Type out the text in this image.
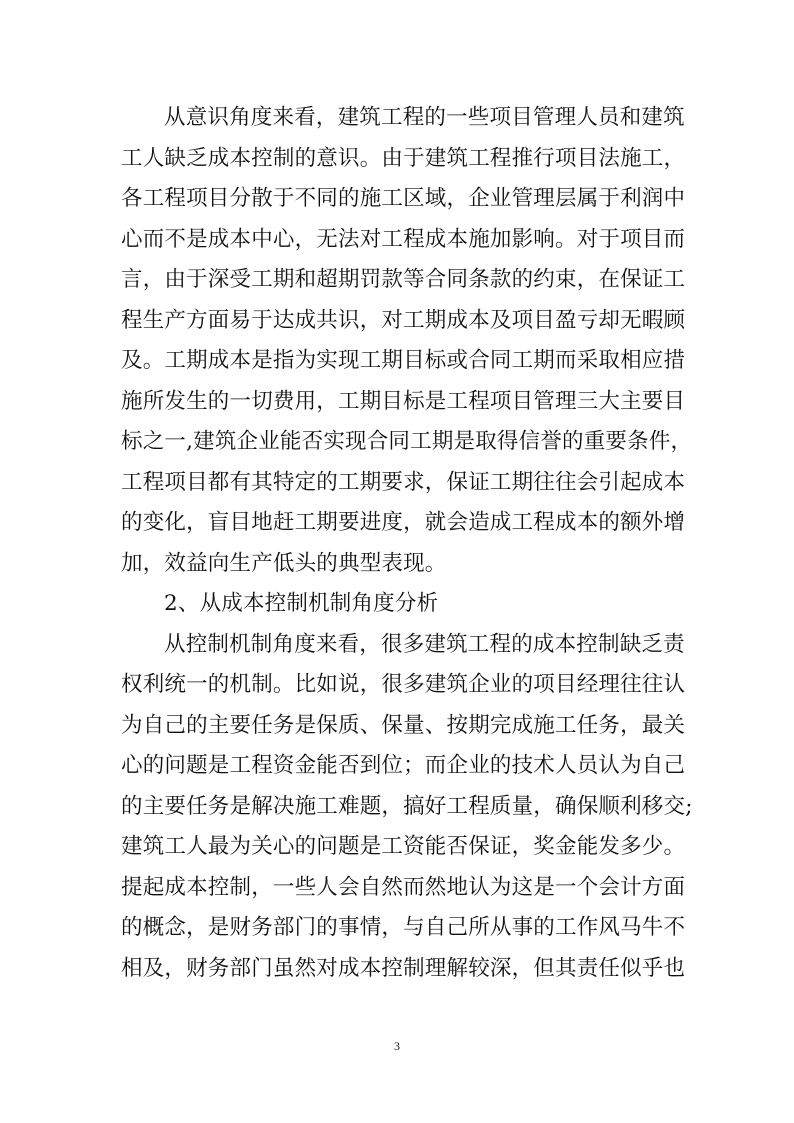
从意识角度来看，建筑工程的一些项目管理人员和建筑
工人缺乏成本控制的意识。由于建筑工程推行项目法施工，
各工程项目分散于不同的施工区域，企业管理层属于利润中
心而不是成本中心，无法对工程成本施加影响。对于项目而
言，由于深受工期和超期罚款等合同条款的约束，在保证工
程生产方面易于达成共识，对工期成本及项目盈亏却无暇顾
及。工期成本是指为实现工期目标或合同工期而采取相应措
施所发生的一切费用，工期目标是工程项目管理三大主要目
标之一,建筑企业能否实现合同工期是取得信誉的重要条件，
工程项目都有其特定的工期要求，保证工期往往会引起成本
的变化，盲目地赶工期要进度，就会造成工程成本的额外增
加，效益向生产低头的典型表现。
2、从成本控制机制角度分析
从控制机制角度来看，很多建筑工程的成本控制缺乏责
权利统一的机制。比如说，很多建筑企业的项目经理往往认
为自己的主要任务是保质、保量、按期完成施工任务，最关
心的问题是工程资金能否到位；而企业的技术人员认为自己
的主要任务是解决施工难题，搞好工程质量，确保顺利移交;
建筑工人最为关心的问题是工资能否保证，奖金能发多少。
提起成本控制，一些人会自然而然地认为这是一个会计方面
的概念，是财务部门的事情，与自己所从事的工作风马牛不
相及，财务部门虽然对成本控制理解较深，但其责任似乎也
3
